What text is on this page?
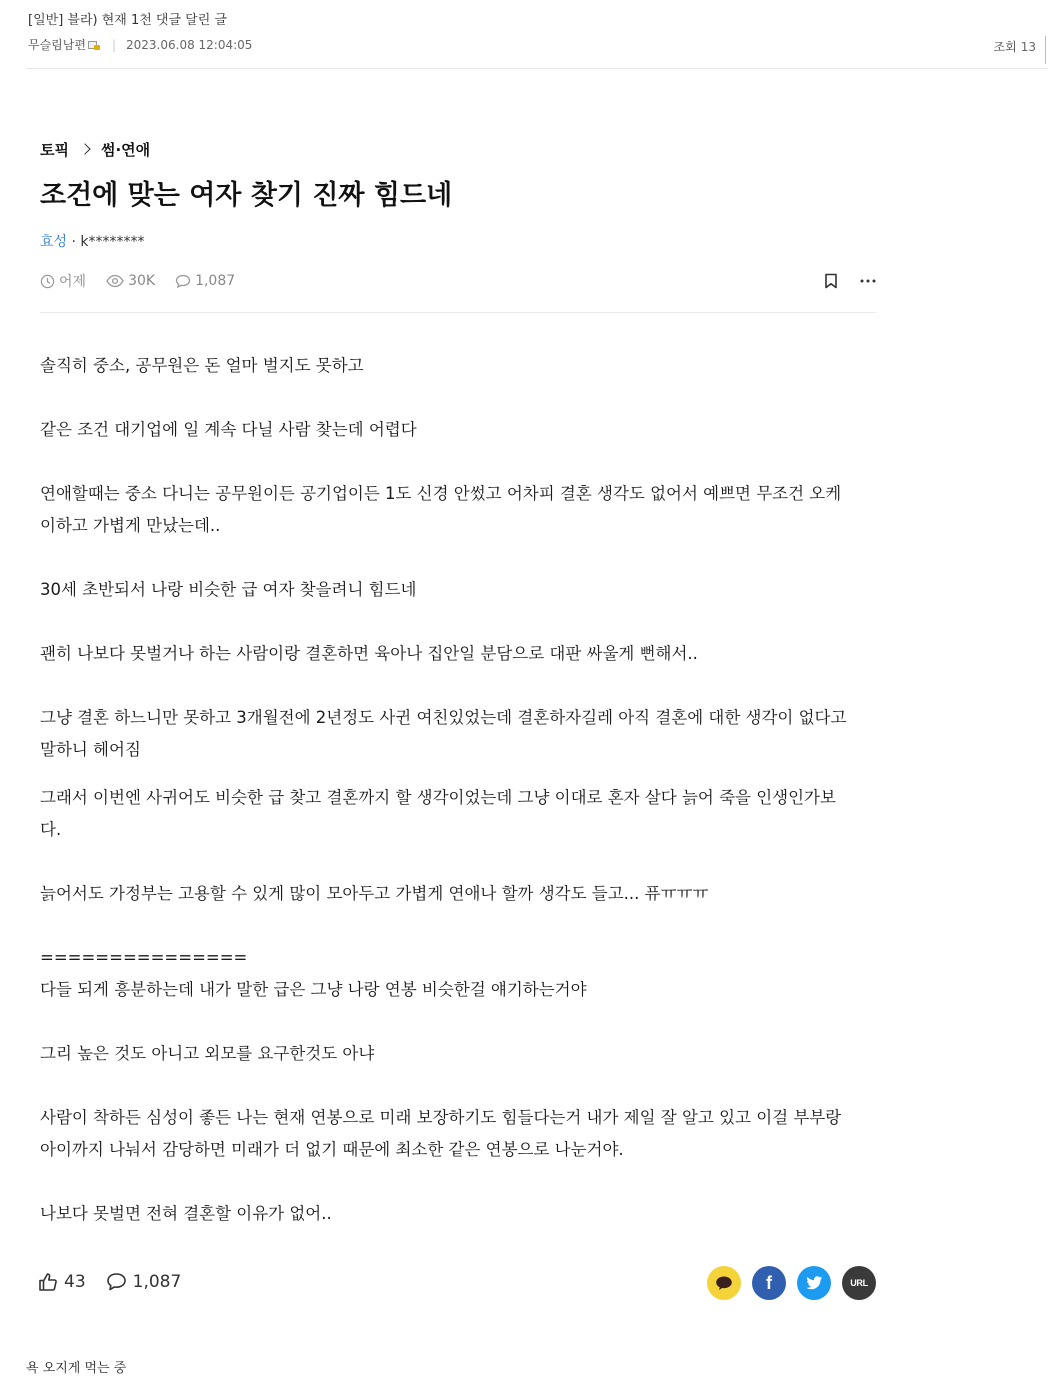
[일반] 블라) 현재 1천 댓글 달린 글
무슬림남편 | 2023.06.08 12:04:05	조회 13
토픽 썸·연애
조건에 맞는 여자 찾기 진짜 힘드네
효성 · k********
어제	30K	1,087

솔직히 중소, 공무원은 돈 얼마 벌지도 못하고

같은 조건 대기업에 일 계속 다닐 사람 찾는데 어렵다

연애할때는 중소 다니는 공무원이든 공기업이든 1도 신경 안썼고 어차피 결혼 생각도 없어서 예쁘면 무조건 오케

이하고 가볍게 만났는데..

30세 초반되서 나랑 비슷한 급 여자 찾을려니 힘드네

괜히 나보다 못벌거나 하는 사람이랑 결혼하면 육아나 집안일 분담으로 대판 싸울게 뻔해서..

그냥 결혼 하느니만 못하고 3개월전에 2년정도 사귄 여친있었는데 결혼하자길레 아직 결혼에 대한 생각이 없다고

말하니 헤어짐

그래서 이번엔 사귀어도 비슷한 급 찾고 결혼까지 할 생각이었는데 그냥 이대로 혼자 살다 늙어 죽을 인생인가보

다.

늙어서도 가정부는 고용할 수 있게 많이 모아두고 가볍게 연애나 할까 생각도 들고... 퓨ㅠㅠㅠ

===============

다들 되게 흥분하는데 내가 말한 급은 그냥 나랑 연봉 비슷한걸 얘기하는거야

그리 높은 것도 아니고 외모를 요구한것도 아냐

사람이 착하든 심성이 좋든 나는 현재 연봉으로 미래 보장하기도 힘들다는거 내가 제일 잘 알고 있고 이걸 부부랑

아이까지 나눠서 감당하면 미래가 더 없기 때문에 최소한 같은 연봉으로 나눈거야.

나보다 못벌면 전혀 결혼할 이유가 없어..

43	1,087	f	URL
욕 오지게 먹는 중
